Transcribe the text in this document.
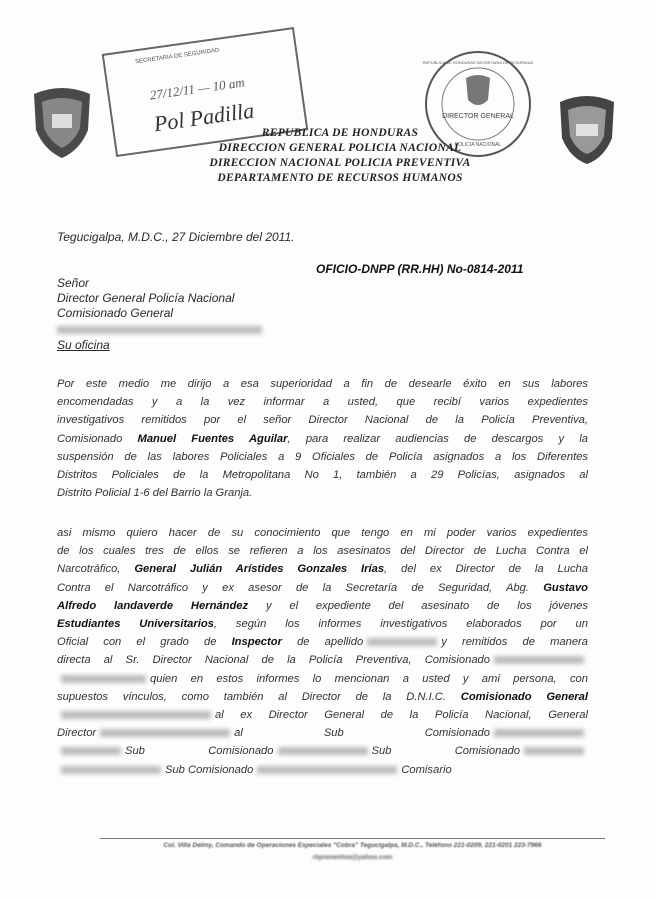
SECRETARIA DE SEGURIDAD
27/12/11 — 10 am
Pol Padilla	DIRECTOR GENERAL
POLICIA NACIONAL
REPUBLICA DE HONDURAS SECRETARIA DE SEGURIDAD
REPUBLICA DE HONDURAS
DIRECCION GENERAL POLICIA NACIONAL
DIRECCION NACIONAL POLICIA PREVENTIVA
DEPARTAMENTO DE RECURSOS HUMANOS
Tegucigalpa, M.D.C., 27 Diciembre del 2011.
OFICIO-DNPP (RR.HH) No-0814-2011
Señor
Director General Policía Nacional
Comisionado General
Su oficina
Por este medio me dirijo a esa superioridad a fin de desearle éxito en sus labores
encomendadas y a la vez informar a usted, que recibí varios expedientes
investigativos remitidos por el señor Director Nacional de la Policía Preventiva,
Comisionado Manuel Fuentes Aguilar, para realizar audiencias de descargos y la
suspensión de las labores Policiales a 9 Oficiales de Policía asignados a los Diferentes
Distritos Policiales de la Metropolitana No 1, también a 29 Policías, asignados al
Distrito Policial 1-6 del Barrio la Granja.
asi mismo quiero hacer de su conocimiento que tengo en mi poder varios expedientes
de los cuales tres de ellos se refieren a los asesinatos del Director de Lucha Contra el
Narcotráfico, General Julián Arístides Gonzales Irías, del ex Director de la Lucha
Contra el Narcotráfico y ex asesor de la Secretaría de Seguridad, Abg. Gustavo
Alfredo landaverde Hernández y el expediente del asesinato de los jóvenes
Estudiantes Universitarios, según los informes investigativos elaborados por un
Oficial con el grado de Inspector de apellido	y remitidos de manera
directa al Sr. Director Nacional de la Policía Preventiva, Comisionado
quien en estos informes lo mencionan a usted y ami persona, con
supuestos vínculos, como también al Director de la D.N.I.C. Comisionado General
al ex Director General de la Policía Nacional, General
Director	al Sub Comisionado
Sub Comisionado	Sub Comisionado
Sub Comisionado	Comisario
Col. Villa Delmy, Comando de Operaciones Especiales "Cobra" Tegucigalpa, M.D.C., Teléfono 221-0209, 221-0201 223-7966
rhpreventiva@yahoo.com
